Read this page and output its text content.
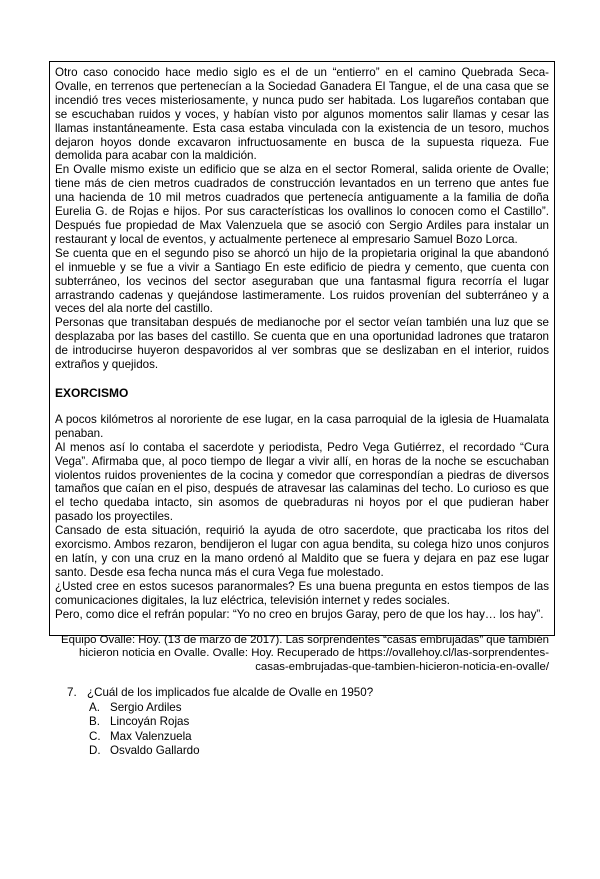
Otro caso conocido hace medio siglo es el de un “entierro” en el camino Quebrada Seca- Ovalle, en terrenos que pertenecían a la Sociedad Ganadera El Tangue, el de una casa que se incendió tres veces misteriosamente, y nunca pudo ser habitada. Los lugareños contaban que se escuchaban ruidos y voces, y habían visto por algunos momentos salir llamas y cesar las llamas instantáneamente. Esta casa estaba vinculada con la existencia de un tesoro, muchos dejaron hoyos donde excavaron infructuosamente en busca de la supuesta riqueza. Fue demolida para acabar con la maldición.

En Ovalle mismo existe un edificio que se alza en el sector Romeral, salida oriente de Ovalle; tiene más de cien metros cuadrados de construcción levantados en un terreno que antes fue una hacienda de 10 mil metros cuadrados que pertenecía antiguamente a la familia de doña Eurelia G. de Rojas e hijos. Por sus características los ovallinos lo conocen como el Castillo”. Después fue propiedad de Max Valenzuela que se asoció con Sergio Ardiles para instalar un restaurant y local de eventos, y actualmente pertenece al empresario Samuel Bozo Lorca.

Se cuenta que en el segundo piso se ahorcó un hijo de la propietaria original la que abandonó el inmueble y se fue a vivir a Santiago En este edificio de piedra y cemento, que cuenta con subterráneo, los vecinos del sector aseguraban que una fantasmal figura recorría el lugar arrastrando cadenas y quejándose lastimeramente. Los ruidos provenían del subterráneo y a veces del ala norte del castillo.

Personas que transitaban después de medianoche por el sector veían también una luz que se desplazaba por las bases del castillo. Se cuenta que en una oportunidad ladrones que trataron de introducirse huyeron despavoridos al ver sombras que se deslizaban en el interior, ruidos extraños y quejidos.

EXORCISMO

A pocos kilómetros al nororiente de ese lugar, en la casa parroquial de la iglesia de Huamalata penaban.

Al menos así lo contaba el sacerdote y periodista, Pedro Vega Gutiérrez, el recordado “Cura Vega”. Afirmaba que, al poco tiempo de llegar a vivir allí, en horas de la noche se escuchaban violentos ruidos provenientes de la cocina y comedor que correspondían a piedras de diversos tamaños que caían en el piso, después de atravesar las calaminas del techo. Lo curioso es que el techo quedaba intacto, sin asomos de quebraduras ni hoyos por el que pudieran haber pasado los proyectiles.

Cansado de esta situación, requirió la ayuda de otro sacerdote, que practicaba los ritos del exorcismo. Ambos rezaron, bendijeron el lugar con agua bendita, su colega hizo unos conjuros en latín, y con una cruz en la mano ordenó al Maldito que se fuera y dejara en paz ese lugar santo. Desde esa fecha nunca más el cura Vega fue molestado.

¿Usted cree en estos sucesos paranormales? Es una buena pregunta en estos tiempos de las comunicaciones digitales, la luz eléctrica, televisión internet y redes sociales.

Pero, como dice el refrán popular: “Yo no creo en brujos Garay, pero de que los hay… los hay”.

Equipo Ovalle: Hoy. (13 de marzo de 2017). Las sorprendentes “casas embrujadas” que también hicieron noticia en Ovalle. Ovalle: Hoy. Recuperado de https://ovallehoy.cl/las-sorprendentes-casas-embrujadas-que-tambien-hicieron-noticia-en-ovalle/

7. ¿Cuál de los implicados fue alcalde de Ovalle en 1950?
A. Sergio Ardiles
B. Lincoyán Rojas
C. Max Valenzuela
D. Osvaldo Gallardo
